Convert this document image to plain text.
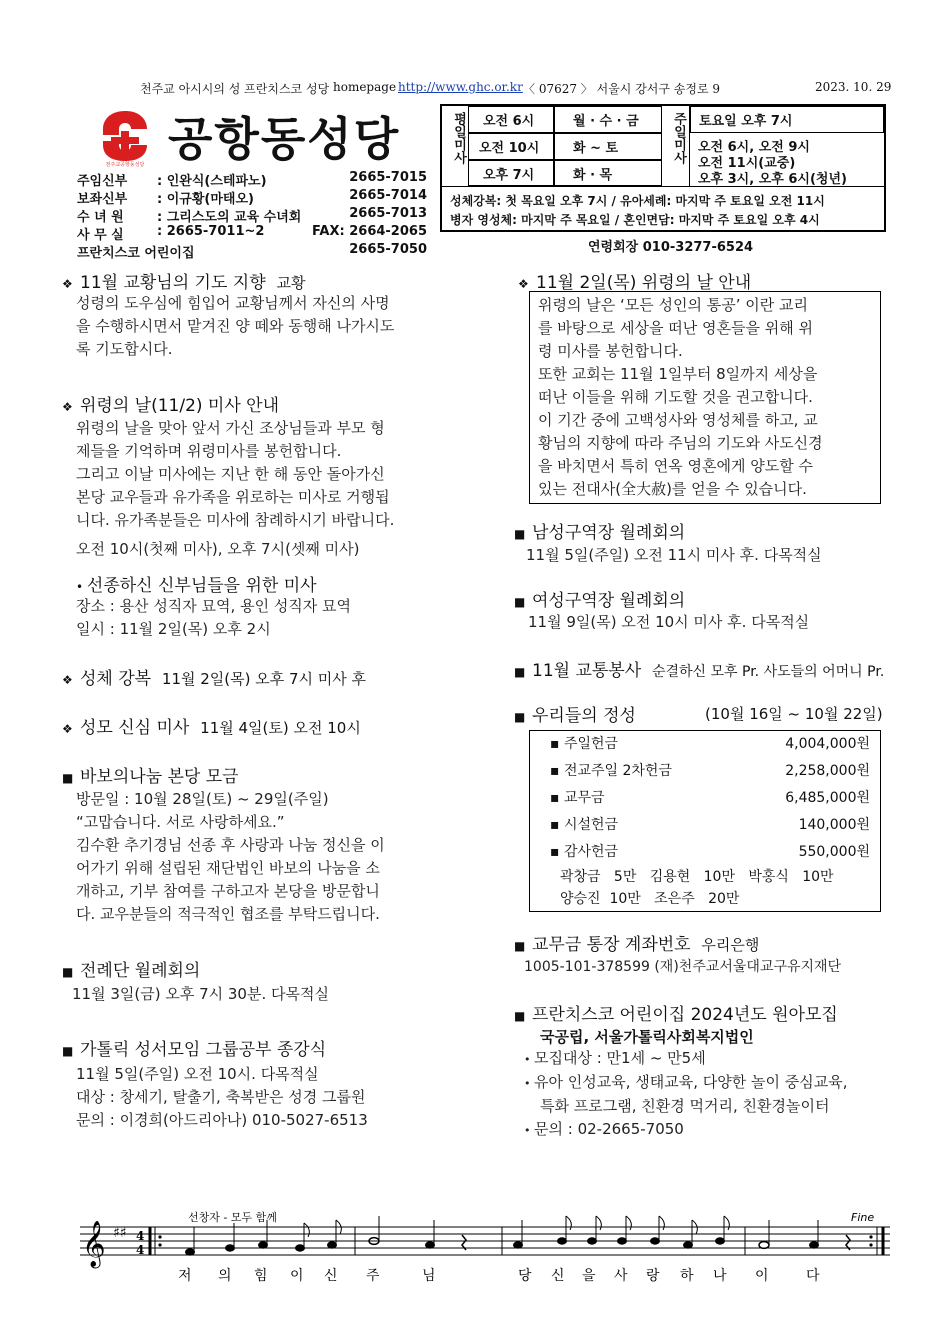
천주교 아시시의 성 프란치스코 성당 homepage http://www.ghc.or.kr 〈 07627 〉 서울시 강서구 송정로 9	2023. 10. 29
천주교공항동성당 공항동성당
주임신부 : 인완식(스테파노)	2665-7015
보좌신부 : 이규황(마태오)	2665-7014
수 녀 원	: 그리스도의 교육 수녀회	2665-7013
사 무 실	: 2665-7011~2	FAX: 2664-2065
프란치스코 어린이집	2665-7050
평일미사	오전 6시	월 · 수 · 금
오전 10시	화 ~ 토
오후 7시	화 · 목
주일미사	토요일 오후 7시
오전 6시, 오전 9시
오전 11시(교중)
오후 3시, 오후 6시(청년)
성체강복: 첫 목요일 오후 7시 / 유아세례: 마지막 주 토요일 오전 11시
병자 영성체: 마지막 주 목요일 / 혼인면담: 마지막 주 토요일 오후 4시
연령회장 010-3277-6524
❖ 11월 교황님의 기도 지향 교황
성령의 도우심에 힘입어 교황님께서 자신의 사명
을 수행하시면서 맡겨진 양 떼와 동행해 나가시도
록 기도합시다.
❖ 위령의 날(11/2) 미사 안내
위령의 날을 맞아 앞서 가신 조상님들과 부모 형
제들을 기억하며 위령미사를 봉헌합니다.
그리고 이날 미사에는 지난 한 해 동안 돌아가신
본당 교우들과 유가족을 위로하는 미사로 거행됩
니다. 유가족분들은 미사에 참례하시기 바랍니다.
오전 10시(첫째 미사), 오후 7시(셋째 미사)
• 선종하신 신부님들을 위한 미사
장소 : 용산 성직자 묘역, 용인 성직자 묘역
일시 : 11월 2일(목) 오후 2시
❖ 성체 강복 11월 2일(목) 오후 7시 미사 후
❖ 성모 신심 미사 11월 4일(토) 오전 10시
■ 바보의나눔 본당 모금
방문일 : 10월 28일(토) ~ 29일(주일)
“고맙습니다. 서로 사랑하세요.”
김수환 추기경님 선종 후 사랑과 나눔 정신을 이
어가기 위해 설립된 재단법인 바보의 나눔을 소
개하고, 기부 참여를 구하고자 본당을 방문합니
다. 교우분들의 적극적인 협조를 부탁드립니다.
■ 전례단 월례회의
11월 3일(금) 오후 7시 30분. 다목적실
■ 가톨릭 성서모임 그룹공부 종강식
11월 5일(주일) 오전 10시. 다목적실
대상 : 창세기, 탈출기, 축복받은 성경 그룹원
문의 : 이경희(아드리아나) 010-5027-6513
❖ 11월 2일(목) 위령의 날 안내
위령의 날은 ‘모든 성인의 통공’ 이란 교리
를 바탕으로 세상을 떠난 영혼들을 위해 위
령 미사를 봉헌합니다.
또한 교회는 11월 1일부터 8일까지 세상을
떠난 이들을 위해 기도할 것을 권고합니다.
이 기간 중에 고백성사와 영성체를 하고, 교
황님의 지향에 따라 주님의 기도와 사도신경
을 바치면서 특히 연옥 영혼에게 양도할 수
있는 전대사(全大赦)를 얻을 수 있습니다.
■ 남성구역장 월례회의
11월 5일(주일) 오전 11시 미사 후. 다목적실
■ 여성구역장 월례회의
11월 9일(목) 오전 10시 미사 후. 다목적실
■ 11월 교통봉사 순결하신 모후 Pr. 사도들의 어머니 Pr.
■ 우리들의 정성	(10월 16일 ~ 10월 22일)
▪ 주일헌금	4,004,000원
▪ 전교주일 2차헌금	2,258,000원
▪ 교무금	6,485,000원
▪ 시설헌금	140,000원
▪ 감사헌금	550,000원
곽창금   5만   김용현   10만   박홍식   10만
양승진  10만   조은주   20만
■ 교무금 통장 계좌번호 우리은행
1005-101-378599 (재)천주교서울대교구유지재단
■ 프란치스코 어린이집 2024년도 원아모집
국공립, 서울가톨릭사회복지법인
• 모집대상 : 만1세 ~ 만5세
• 유아 인성교육, 생태교육, 다양한 놀이 중심교육,
특화 프로그램, 친환경 먹거리, 친환경놀이터
• 문의 : 02-2665-7050
𝄞 ♯♯ 4
4
선창자 - 모두 함께	Fine
저 의 힘 이 신 주	님	당 신 을 사 랑 하 나 이	다
